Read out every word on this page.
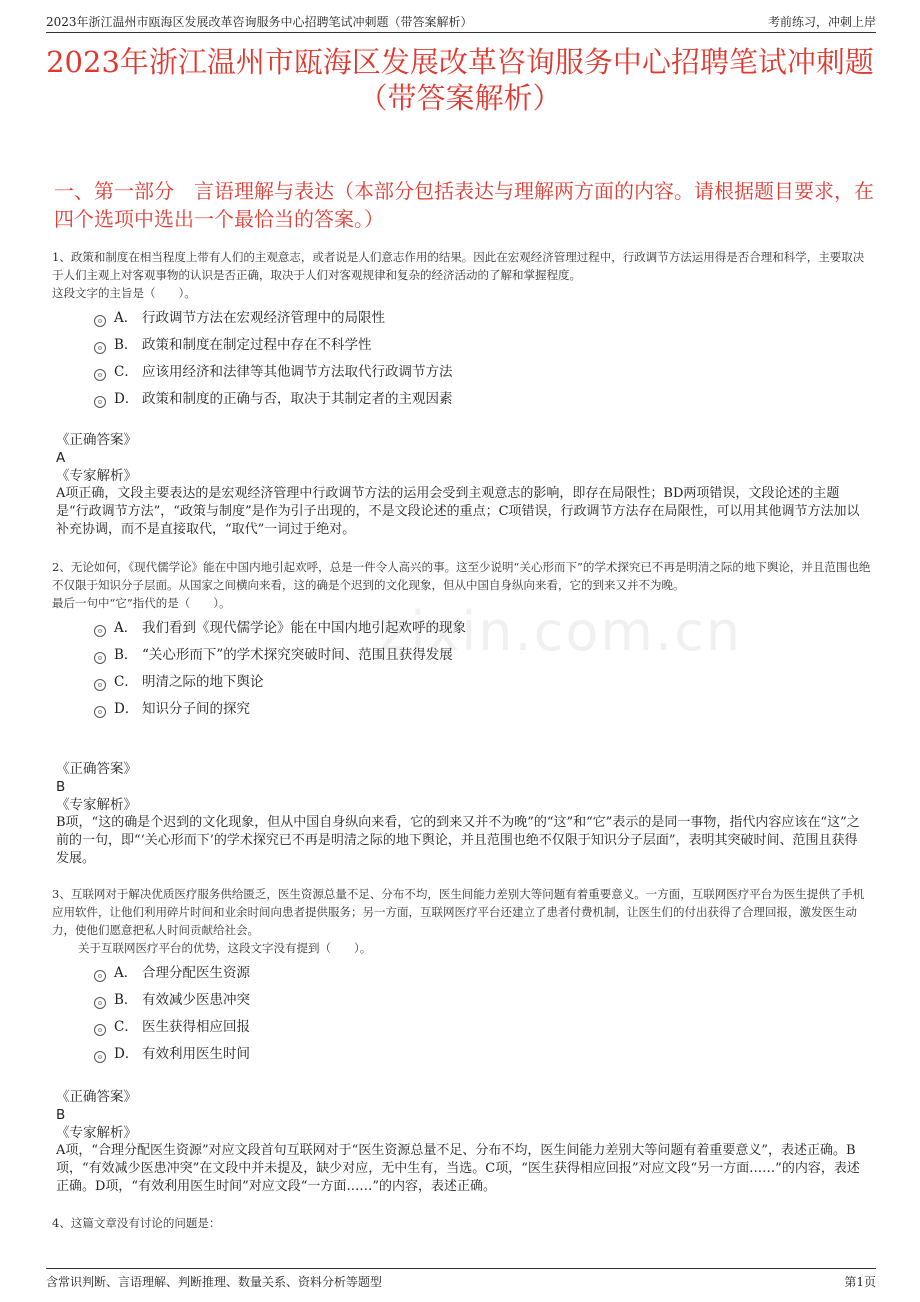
2023年浙江温州市瓯海区发展改革咨询服务中心招聘笔试冲刺题（带答案解析）	考前练习，冲刺上岸
2023年浙江温州市瓯海区发展改革咨询服务中心招聘笔试冲刺题（带答案解析）
一、第一部分　言语理解与表达（本部分包括表达与理解两方面的内容。请根据题目要求，在四个选项中选出一个最恰当的答案。）
zixin.com.cn

1、政策和制度在相当程度上带有人们的主观意志，或者说是人们意志作用的结果。因此在宏观经济管理过程中，行政调节方法运用得是否合理和科学，主要取决于人们主观上对客观事物的认识是否正确，取决于人们对客观规律和复杂的经济活动的了解和掌握程度。

这段文字的主旨是（　　）。

A． 行政调节方法在宏观经济管理中的局限性
B． 政策和制度在制定过程中存在不科学性
C． 应该用经济和法律等其他调节方法取代行政调节方法
D． 政策和制度的正确与否，取决于其制定者的主观因素
《正确答案》
A
《专家解析》
A项正确，文段主要表达的是宏观经济管理中行政调节方法的运用会受到主观意志的影响，即存在局限性；BD两项错误，文段论述的主题是“行政调节方法”，“政策与制度”是作为引子出现的，不是文段论述的重点；C项错误，行政调节方法存在局限性，可以用其他调节方法加以补充协调，而不是直接取代，“取代”一词过于绝对。

2、无论如何，《现代儒学论》能在中国内地引起欢呼，总是一件令人高兴的事。这至少说明“关心形而下”的学术探究已不再是明清之际的地下舆论，并且范围也绝不仅限于知识分子层面。从国家之间横向来看，这的确是个迟到的文化现象，但从中国自身纵向来看，它的到来又并不为晚。

最后一句中“它”指代的是（　　）。

A． 我们看到《现代儒学论》能在中国内地引起欢呼的现象
B． “关心形而下”的学术探究突破时间、范围且获得发展
C． 明清之际的地下舆论
D． 知识分子间的探究
《正确答案》
B
《专家解析》
B项，“这的确是个迟到的文化现象，但从中国自身纵向来看，它的到来又并不为晚”的“这”和“它”表示的是同一事物，指代内容应该在“这”之前的一句，即“‘关心形而下’的学术探究已不再是明清之际的地下舆论，并且范围也绝不仅限于知识分子层面”，表明其突破时间、范围且获得发展。

3、互联网对于解决优质医疗服务供给匮乏，医生资源总量不足、分布不均，医生间能力差别大等问题有着重要意义。一方面，互联网医疗平台为医生提供了手机应用软件，让他们利用碎片时间和业余时间向患者提供服务；另一方面，互联网医疗平台还建立了患者付费机制，让医生们的付出获得了合理回报，激发医生动力，使他们愿意把私人时间贡献给社会。

关于互联网医疗平台的优势，这段文字没有提到（　　）。

A． 合理分配医生资源
B． 有效减少医患冲突
C． 医生获得相应回报
D． 有效利用医生时间
《正确答案》
B
《专家解析》
A项，“合理分配医生资源”对应文段首句互联网对于“医生资源总量不足、分布不均，医生间能力差别大等问题有着重要意义”，表述正确。B项，“有效减少医患冲突”在文段中并未提及，缺少对应，无中生有，当选。C项，“医生获得相应回报”对应文段“另一方面……”的内容，表述正确。D项，“有效利用医生时间”对应文段“一方面……”的内容，表述正确。

4、这篇文章没有讨论的问题是：

含常识判断、言语理解、判断推理、数量关系、资料分析等题型	第1页
